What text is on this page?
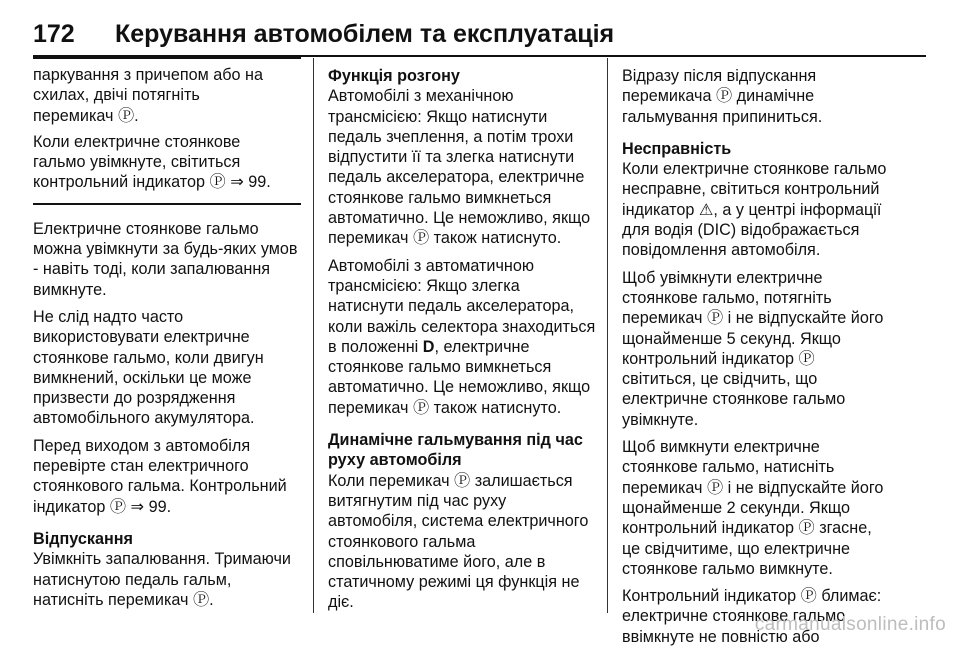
172 Керування автомобілем та експлуатація

паркування з причепом або на
схилах, двічі потягніть
перемикач Ⓟ.

Коли електричне стоянкове
гальмо увімкнуте, світиться
контрольний індикатор Ⓟ ⇒ 99.

Електричне стоянкове гальмо
можна увімкнути за будь-яких умов
- навіть тоді, коли запалювання
вимкнуте.

Не слід надто часто
використовувати електричне
стоянкове гальмо, коли двигун
вимкнений, оскільки це може
призвести до розрядження
автомобільного акумулятора.

Перед виходом з автомобіля
перевірте стан електричного
стоянкового гальма. Контрольний
індикатор Ⓟ ⇒ 99.

Відпускання

Увімкніть запалювання. Тримаючи
натиснутою педаль гальм,
натисніть перемикач Ⓟ.

Функція розгону

Автомобілі з механічною
трансмісією: Якщо натиснути
педаль зчеплення, а потім трохи
відпустити її та злегка натиснути
педаль акселератора, електричне
стоянкове гальмо вимкнеться
автоматично. Це неможливо, якщо
перемикач Ⓟ також натиснуто.

Автомобілі з автоматичною
трансмісією: Якщо злегка
натиснути педаль акселератора,
коли важіль селектора знаходиться
в положенні D, електричне
стоянкове гальмо вимкнеться
автоматично. Це неможливо, якщо
перемикач Ⓟ також натиснуто.

Динамічне гальмування під час
руху автомобіля

Коли перемикач Ⓟ залишається
витягнутим під час руху
автомобіля, система електричного
стоянкового гальма
сповільнюватиме його, але в
статичному режимі ця функція не
діє.

Відразу після відпускання
перемикача Ⓟ динамічне
гальмування припиниться.

Несправність

Коли електричне стоянкове гальмо
несправне, світиться контрольний
індикатор ⚠, а у центрі інформації
для водія (DIC) відображається
повідомлення автомобіля.

Щоб увімкнути електричне
стоянкове гальмо, потягніть
перемикач Ⓟ і не відпускайте його
щонайменше 5 секунд. Якщо
контрольний індикатор Ⓟ
світиться, це свідчить, що
електричне стоянкове гальмо
увімкнуте.

Щоб вимкнути електричне
стоянкове гальмо, натисніть
перемикач Ⓟ і не відпускайте його
щонайменше 2 секунди. Якщо
контрольний індикатор Ⓟ згасне,
це свідчитиме, що електричне
стоянкове гальмо вимкнуте.

Контрольний індикатор Ⓟ блимає:
електричне стоянкове гальмо
ввімкнуте не повністю або

carmanualsonline.info
